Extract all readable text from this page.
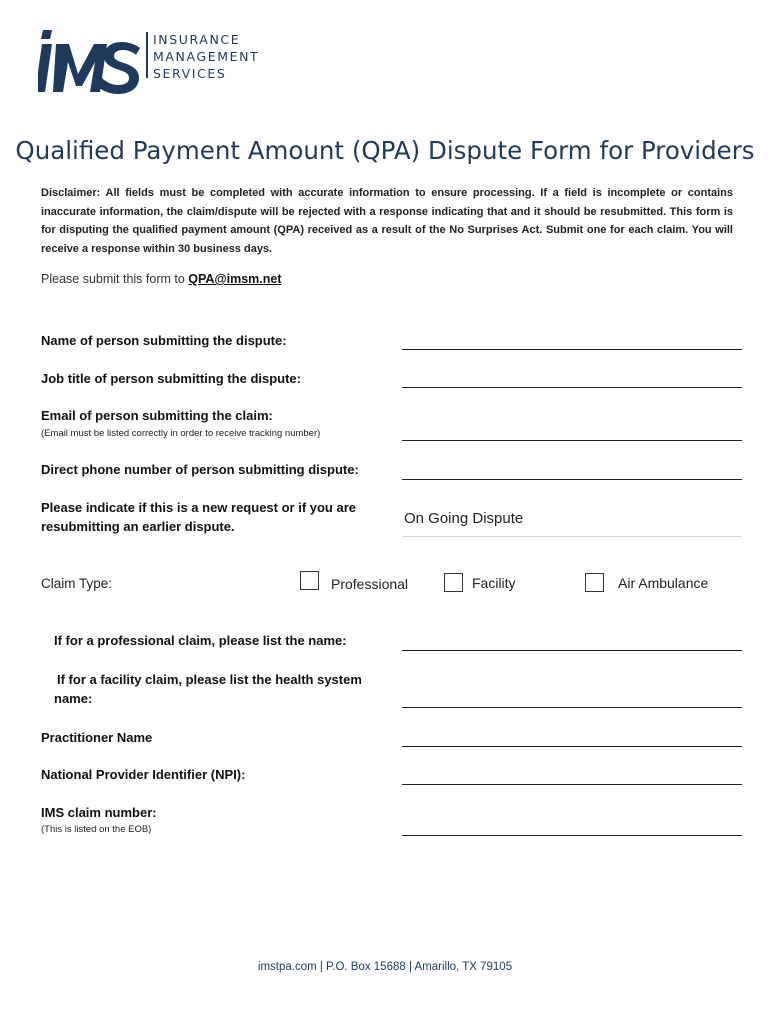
INSURANCE
MANAGEMENT
SERVICES
Qualified Payment Amount (QPA) Dispute Form for Providers
Disclaimer: All fields must be completed with accurate information to ensure processing. If a field is incomplete or contains inaccurate information, the claim/dispute will be rejected with a response indicating that and it should be resubmitted. This form is for disputing the qualified payment amount (QPA) received as a result of the No Surprises Act. Submit one for each claim. You will receive a response within 30 business days.
Please submit this form to QPA@imsm.net
Name of person submitting the dispute:
Job title of person submitting the dispute:
Email of person submitting the claim:
(Email must be listed correctly in order to receive tracking number)
Direct phone number of person submitting dispute:
Please indicate if this is a new request or if you are
resubmitting an earlier dispute.	On Going Dispute
Claim Type:	Professional	Facility	Air Ambulance
If for a professional claim, please list the name:
If for a facility claim, please list the health system
name:
Practitioner Name
National Provider Identifier (NPI):
IMS claim number:
(This is listed on the EOB)
imstpa.com | P.O. Box 15688 | Amarillo, TX 79105
